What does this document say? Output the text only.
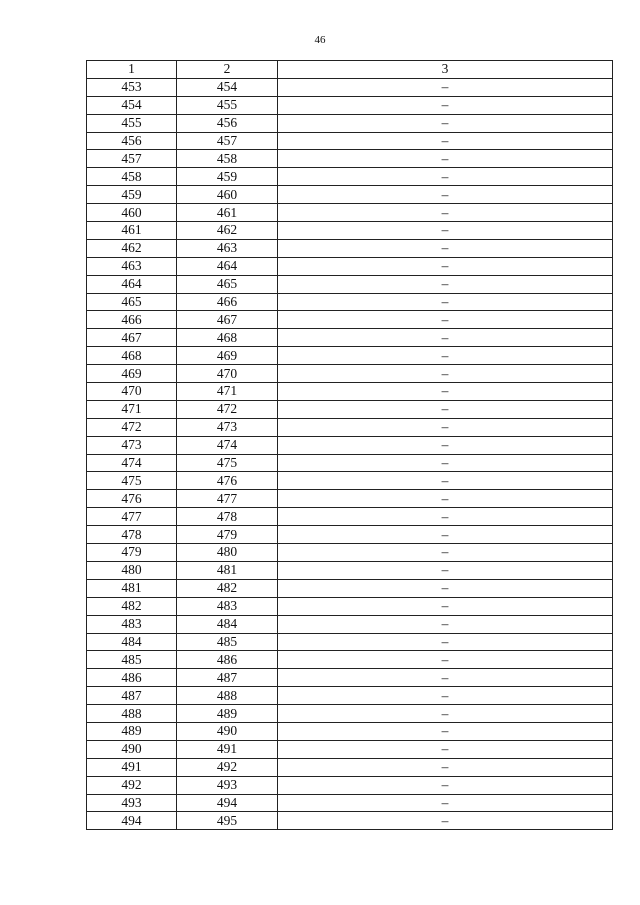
46
1	2	3
453	454	–
454	455	–
455	456	–
456	457	–
457	458	–
458	459	–
459	460	–
460	461	–
461	462	–
462	463	–
463	464	–
464	465	–
465	466	–
466	467	–
467	468	–
468	469	–
469	470	–
470	471	–
471	472	–
472	473	–
473	474	–
474	475	–
475	476	–
476	477	–
477	478	–
478	479	–
479	480	–
480	481	–
481	482	–
482	483	–
483	484	–
484	485	–
485	486	–
486	487	–
487	488	–
488	489	–
489	490	–
490	491	–
491	492	–
492	493	–
493	494	–
494	495	–
